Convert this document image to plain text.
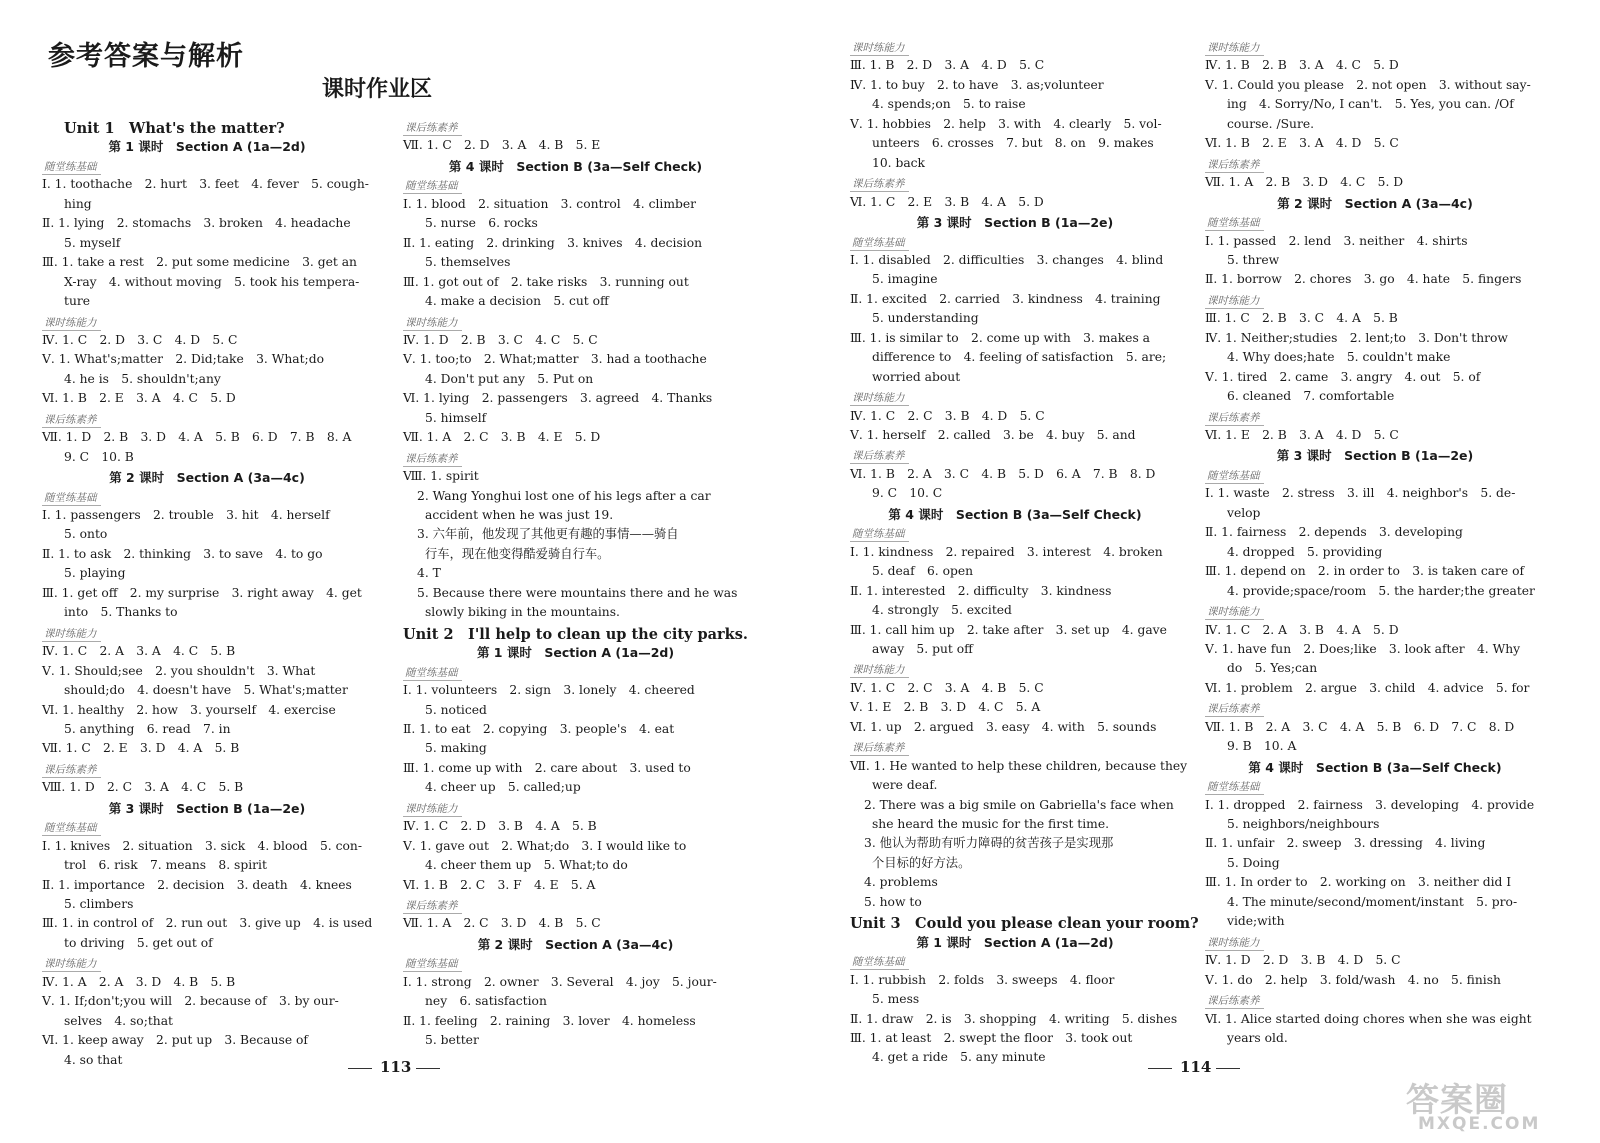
参考答案与解析
课时作业区
Unit 1　What's the matter?
第 1 课时　Section A (1a—2d)
随堂练基础
Ⅰ. 1. toothache　2. hurt　3. feet　4. fever　5. cough-
hing
Ⅱ. 1. lying　2. stomachs　3. broken　4. headache
5. myself
Ⅲ. 1. take a rest　2. put some medicine　3. get an
X-ray　4. without moving　5. took his tempera-
ture
课时练能力
Ⅳ. 1. C　2. D　3. C　4. D　5. C
Ⅴ. 1. What's;matter　2. Did;take　3. What;do
4. he is　5. shouldn't;any
Ⅵ. 1. B　2. E　3. A　4. C　5. D
课后练素养
Ⅶ. 1. D　2. B　3. D　4. A　5. B　6. D　7. B　8. A
9. C　10. B
第 2 课时　Section A (3a—4c)
随堂练基础
Ⅰ. 1. passengers　2. trouble　3. hit　4. herself
5. onto
Ⅱ. 1. to ask　2. thinking　3. to save　4. to go
5. playing
Ⅲ. 1. get off　2. my surprise　3. right away　4. get
into　5. Thanks to
课时练能力
Ⅳ. 1. C　2. A　3. A　4. C　5. B
Ⅴ. 1. Should;see　2. you shouldn't　3. What
should;do　4. doesn't have　5. What's;matter
Ⅵ. 1. healthy　2. how　3. yourself　4. exercise
5. anything　6. read　7. in
Ⅶ. 1. C　2. E　3. D　4. A　5. B
课后练素养
Ⅷ. 1. D　2. C　3. A　4. C　5. B
第 3 课时　Section B (1a—2e)
随堂练基础
Ⅰ. 1. knives　2. situation　3. sick　4. blood　5. con-
trol　6. risk　7. means　8. spirit
Ⅱ. 1. importance　2. decision　3. death　4. knees
5. climbers
Ⅲ. 1. in control of　2. run out　3. give up　4. is used
to driving　5. get out of
课时练能力
Ⅳ. 1. A　2. A　3. D　4. B　5. B
Ⅴ. 1. If;don't;you will　2. because of　3. by our-
selves　4. so;that
Ⅵ. 1. keep away　2. put up　3. Because of
4. so that
课后练素养
Ⅶ. 1. C　2. D　3. A　4. B　5. E
第 4 课时　Section B (3a—Self Check)
随堂练基础
Ⅰ. 1. blood　2. situation　3. control　4. climber
5. nurse　6. rocks
Ⅱ. 1. eating　2. drinking　3. knives　4. decision
5. themselves
Ⅲ. 1. got out of　2. take risks　3. running out
4. make a decision　5. cut off
课时练能力
Ⅳ. 1. D　2. B　3. C　4. C　5. C
Ⅴ. 1. too;to　2. What;matter　3. had a toothache
4. Don't put any　5. Put on
Ⅵ. 1. lying　2. passengers　3. agreed　4. Thanks
5. himself
Ⅶ. 1. A　2. C　3. B　4. E　5. D
课后练素养
Ⅷ. 1. spirit
2. Wang Yonghui lost one of his legs after a car
accident when he was just 19.
3. 六年前，他发现了其他更有趣的事情——骑自
行车，现在他变得酷爱骑自行车。
4. T
5. Because there were mountains there and he was
slowly biking in the mountains.
Unit 2　I'll help to clean up the city parks.
第 1 课时　Section A (1a—2d)
随堂练基础
Ⅰ. 1. volunteers　2. sign　3. lonely　4. cheered
5. noticed
Ⅱ. 1. to eat　2. copying　3. people's　4. eat
5. making
Ⅲ. 1. come up with　2. care about　3. used to
4. cheer up　5. called;up
课时练能力
Ⅳ. 1. C　2. D　3. B　4. A　5. B
Ⅴ. 1. gave out　2. What;do　3. I would like to
4. cheer them up　5. What;to do
Ⅵ. 1. B　2. C　3. F　4. E　5. A
课后练素养
Ⅶ. 1. A　2. C　3. D　4. B　5. C
第 2 课时　Section A (3a—4c)
随堂练基础
Ⅰ. 1. strong　2. owner　3. Several　4. joy　5. jour-
ney　6. satisfaction
Ⅱ. 1. feeling　2. raining　3. lover　4. homeless
5. better
113
课时练能力
Ⅲ. 1. B　2. D　3. A　4. D　5. C
Ⅳ. 1. to buy　2. to have　3. as;volunteer
4. spends;on　5. to raise
Ⅴ. 1. hobbies　2. help　3. with　4. clearly　5. vol-
unteers　6. crosses　7. but　8. on　9. makes
10. back
课后练素养
Ⅵ. 1. C　2. E　3. B　4. A　5. D
第 3 课时　Section B (1a—2e)
随堂练基础
Ⅰ. 1. disabled　2. difficulties　3. changes　4. blind
5. imagine
Ⅱ. 1. excited　2. carried　3. kindness　4. training
5. understanding
Ⅲ. 1. is similar to　2. come up with　3. makes a
difference to　4. feeling of satisfaction　5. are;
worried about
课时练能力
Ⅳ. 1. C　2. C　3. B　4. D　5. C
Ⅴ. 1. herself　2. called　3. be　4. buy　5. and
课后练素养
Ⅵ. 1. B　2. A　3. C　4. B　5. D　6. A　7. B　8. D
9. C　10. C
第 4 课时　Section B (3a—Self Check)
随堂练基础
Ⅰ. 1. kindness　2. repaired　3. interest　4. broken
5. deaf　6. open
Ⅱ. 1. interested　2. difficulty　3. kindness
4. strongly　5. excited
Ⅲ. 1. call him up　2. take after　3. set up　4. gave
away　5. put off
课时练能力
Ⅳ. 1. C　2. C　3. A　4. B　5. C
Ⅴ. 1. E　2. B　3. D　4. C　5. A
Ⅵ. 1. up　2. argued　3. easy　4. with　5. sounds
课后练素养
Ⅶ. 1. He wanted to help these children, because they
were deaf.
2. There was a big smile on Gabriella's face when
she heard the music for the first time.
3. 他认为帮助有听力障碍的贫苦孩子是实现那
个目标的好方法。
4. problems
5. how to
Unit 3　Could you please clean your room?
第 1 课时　Section A (1a—2d)
随堂练基础
Ⅰ. 1. rubbish　2. folds　3. sweeps　4. floor
5. mess
Ⅱ. 1. draw　2. is　3. shopping　4. writing　5. dishes
Ⅲ. 1. at least　2. swept the floor　3. took out
4. get a ride　5. any minute
课时练能力
Ⅳ. 1. B　2. B　3. A　4. C　5. D
Ⅴ. 1. Could you please　2. not open　3. without say-
ing　4. Sorry/No, I can't.　5. Yes, you can. /Of
course. /Sure.
Ⅵ. 1. B　2. E　3. A　4. D　5. C
课后练素养
Ⅶ. 1. A　2. B　3. D　4. C　5. D
第 2 课时　Section A (3a—4c)
随堂练基础
Ⅰ. 1. passed　2. lend　3. neither　4. shirts
5. threw
Ⅱ. 1. borrow　2. chores　3. go　4. hate　5. fingers
课时练能力
Ⅲ. 1. C　2. B　3. C　4. A　5. B
Ⅳ. 1. Neither;studies　2. lent;to　3. Don't throw
4. Why does;hate　5. couldn't make
Ⅴ. 1. tired　2. came　3. angry　4. out　5. of
6. cleaned　7. comfortable
课后练素养
Ⅵ. 1. E　2. B　3. A　4. D　5. C
第 3 课时　Section B (1a—2e)
随堂练基础
Ⅰ. 1. waste　2. stress　3. ill　4. neighbor's　5. de-
velop
Ⅱ. 1. fairness　2. depends　3. developing
4. dropped　5. providing
Ⅲ. 1. depend on　2. in order to　3. is taken care of
4. provide;space/room　5. the harder;the greater
课时练能力
Ⅳ. 1. C　2. A　3. B　4. A　5. D
Ⅴ. 1. have fun　2. Does;like　3. look after　4. Why
do　5. Yes;can
Ⅵ. 1. problem　2. argue　3. child　4. advice　5. for
课后练素养
Ⅶ. 1. B　2. A　3. C　4. A　5. B　6. D　7. C　8. D
9. B　10. A
第 4 课时　Section B (3a—Self Check)
随堂练基础
Ⅰ. 1. dropped　2. fairness　3. developing　4. provide
5. neighbors/neighbours
Ⅱ. 1. unfair　2. sweep　3. dressing　4. living
5. Doing
Ⅲ. 1. In order to　2. working on　3. neither did I
4. The minute/second/moment/instant　5. pro-
vide;with
课时练能力
Ⅳ. 1. D　2. D　3. B　4. D　5. C
Ⅴ. 1. do　2. help　3. fold/wash　4. no　5. finish
课后练素养
Ⅵ. 1. Alice started doing chores when she was eight
years old.
114
答案圈
MXQE.COM
